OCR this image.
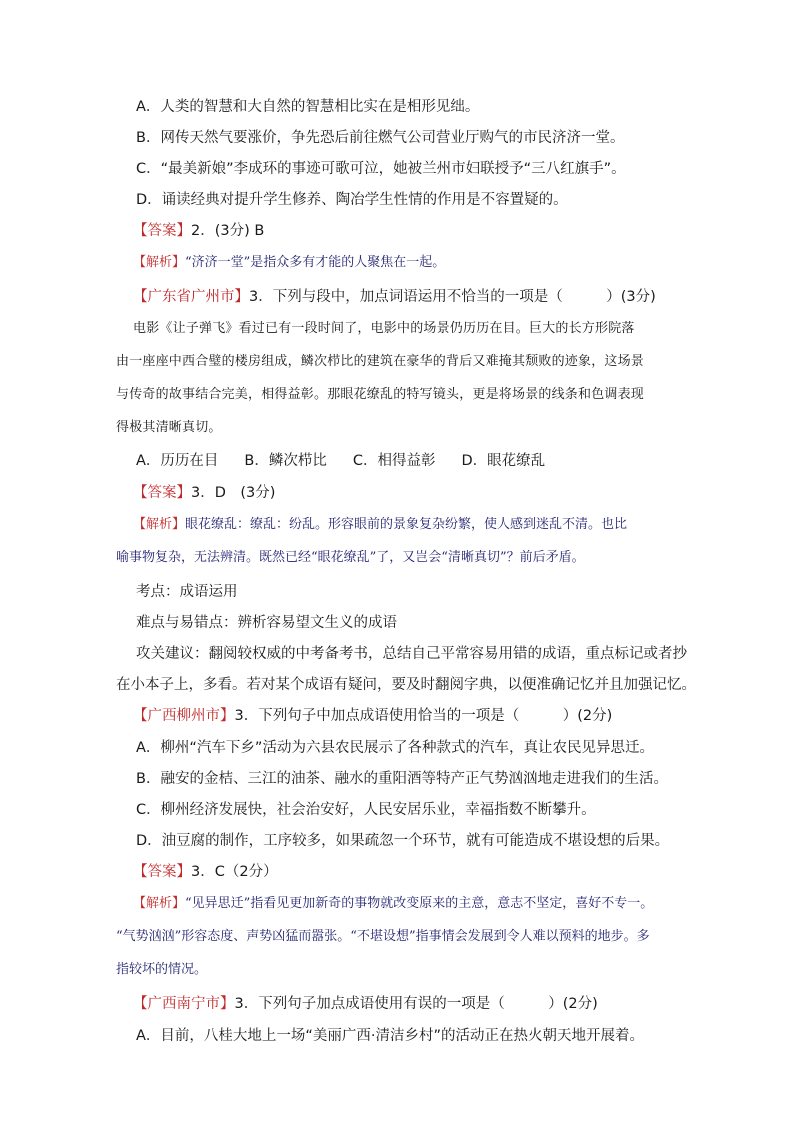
A．人类的智慧和大自然的智慧相比实在是相形见绌。

B．网传天然气要涨价，争先恐后前往燃气公司营业厅购气的市民济济一堂。

C．“最美新娘”李成环的事迹可歌可泣，她被兰州市妇联授予“三八红旗手”。

D．诵读经典对提升学生修养、陶冶学生性情的作用是不容置疑的。

【答案】2．(3分) B

【解析】“济济一堂”是指众多有才能的人聚焦在一起。

【广东省广州市】3．下列与段中，加点词语运用不恰当的一项是（　　　）(3分)

电影《让子弹飞》看过已有一段时间了，电影中的场景仍历历在目。巨大的长方形院落
由一座座中西合璧的楼房组成，鳞次栉比的建筑在豪华的背后又难掩其颓败的迹象，这场景
与传奇的故事结合完美，相得益彰。那眼花缭乱的特写镜头，更是将场景的线条和色调表现
得极其清晰真切。
A．历历在目 B．鳞次栉比 C．相得益彰 D．眼花缭乱

【答案】3．D　(3分)

【解析】眼花缭乱：缭乱：纷乱。形容眼前的景象复杂纷繁，使人感到迷乱不清。也比
喻事物复杂，无法辨清。既然已经“眼花缭乱”了，又岂会“清晰真切”？前后矛盾。

考点：成语运用

难点与易错点：辨析容易望文生义的成语

攻关建议：翻阅较权威的中考备考书，总结自己平常容易用错的成语，重点标记或者抄

在小本子上，多看。若对某个成语有疑问，要及时翻阅字典，以便准确记忆并且加强记忆。

【广西柳州市】3．下列句子中加点成语使用恰当的一项是（　　　）(2分)

A．柳州“汽车下乡”活动为六县农民展示了各种款式的汽车，真让农民见异思迁。

B．融安的金桔、三江的油茶、融水的重阳酒等特产正气势汹汹地走进我们的生活。

C．柳州经济发展快，社会治安好，人民安居乐业，幸福指数不断攀升。

D．油豆腐的制作，工序较多，如果疏忽一个环节，就有可能造成不堪设想的后果。

【答案】3．C（2分）

【解析】“见异思迁”指看见更加新奇的事物就改变原来的主意，意志不坚定，喜好不专一。
“气势汹汹”形容态度、声势凶猛而嚣张。“不堪设想”指事情会发展到令人难以预料的地步。多
指较坏的情况。

【广西南宁市】3．下列句子加点成语使用有误的一项是（　　　）(2分)

A．目前，八桂大地上一场“美丽广西·清洁乡村”的活动正在热火朝天地开展着。
